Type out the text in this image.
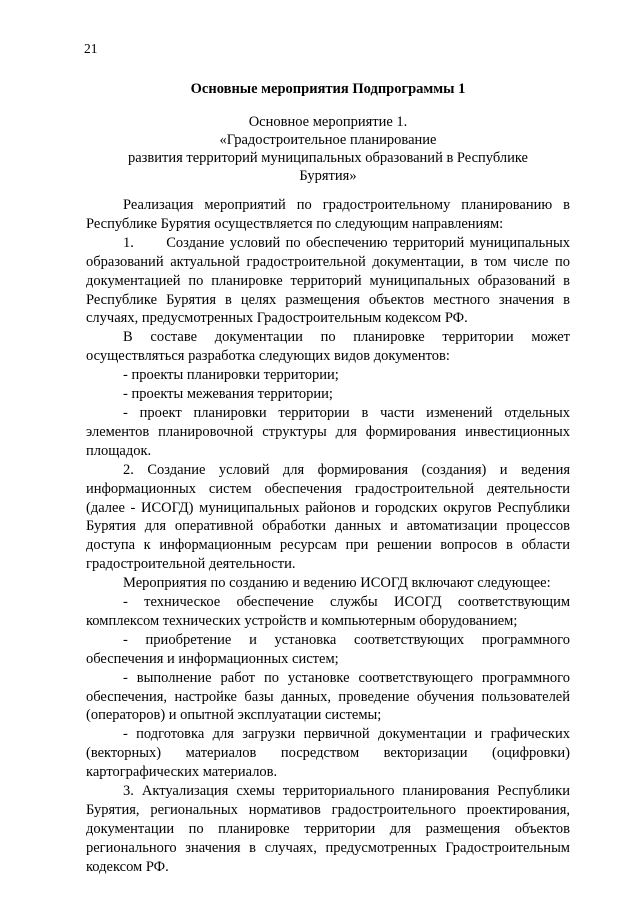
21
Основные мероприятия Подпрограммы 1
Основное мероприятие 1.
«Градостроительное планирование
развития территорий муниципальных образований в Республике
Бурятия»

Реализация мероприятий по градостроительному планированию в Республике Бурятия осуществляется по следующим направлениям:

1.      Создание условий по обеспечению территорий муниципальных образований актуальной градостроительной документации, в том числе по документацией по планировке территорий муниципальных образований в Республике Бурятия в целях размещения объектов местного значения в случаях, предусмотренных Градостроительным кодексом РФ.

В составе документации по планировке территории может осуществляться разработка следующих видов документов:

- проекты планировки территории;

- проекты межевания территории;

- проект планировки территории в части изменений отдельных элементов планировочной структуры для формирования инвестиционных площадок.

2. Создание условий для формирования (создания) и ведения информационных систем обеспечения градостроительной деятельности (далее - ИСОГД) муниципальных районов и городских округов Республики Бурятия для оперативной обработки данных и автоматизации процессов доступа к информационным ресурсам при решении вопросов в области градостроительной деятельности.

Мероприятия по созданию и ведению ИСОГД включают следующее:

- техническое обеспечение службы ИСОГД соответствующим комплексом технических устройств и компьютерным оборудованием;

- приобретение и установка соответствующих программного обеспечения и информационных систем;

- выполнение работ по установке соответствующего программного обеспечения, настройке базы данных, проведение обучения пользователей (операторов) и опытной эксплуатации системы;

- подготовка для загрузки первичной документации и графических (векторных) материалов посредством векторизации (оцифровки) картографических материалов.

3. Актуализация схемы территориального планирования Республики Бурятия, региональных нормативов градостроительного проектирования, документации по планировке территории для размещения объектов регионального значения в случаях, предусмотренных Градостроительным кодексом РФ.
